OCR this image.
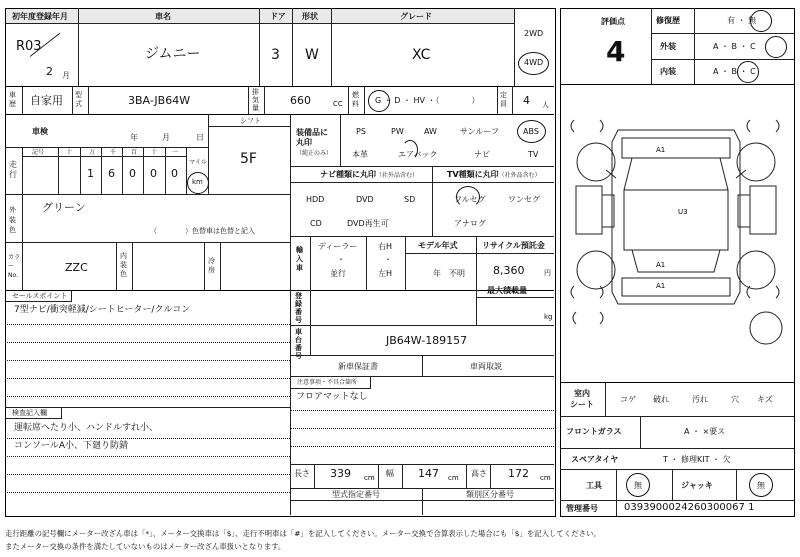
初年度登録年月	車名	ドア 形状	グレード
R03
2 月
ジムニー	3 W	XC
2WD
4WD
車
歴 自家用 型
式	3BA-JB64W
排
気
量
660	CC
燃
料 G ・ D ・ HV ・（　　　　）
定
員 4 人
車検
年	月	日
シフト
5F
走
行
記号	十	万 千 百 十 一
1 6 0 0 0
マイル
km
外
装
色
グリーン
（　　　　）色替車は色替と記入
カラー
No.
ZZC
内
装
色
冷
房
装備品に
丸印
（純正のみ）
PS	PW	AW	サンルーフ	ABS
本革	エアバック	ナビ	TV
ナビ種類に丸印（社外品含む）	TV種類に丸印（社外品含む）
HDD	DVD	SD
CD	DVD再生可
フルセグ	ワンセグ
アナログ
輸
入
車
ディーラー
・
並行
右H
・
左H
モデル年式
年　不明
リサイクル預託金
8,360	円
セールスポイント
7型ナビ/衝突軽減/シートヒーター/クルコン
登
録
番
号
最大積載量
kg
車
台
番
号
JB64W-189157
新車保証書	車両取説
注意事項・不具合箇所
フロアマットなし
検査記入欄
運転席へたり小、ハンドルすれ小、
コンソールA小、下廻り防錆
長さ 339 cm 幅 147 cm 高さ 172 cm
型式指定番号	類別区分番号
評価点
4
修復歴	有 ・ 無
外装	A ・ B ・ C
内装	A ・ B ・ C
A1
A1
A1
U3
室内
シート
コゲ 破れ	汚れ	穴 キズ
フロントガラス	A ・ ×要ス
スペアタイヤ	T ・ 修理KIT ・ 欠
工具	無	ジャッキ	無
管理番号	0393900024260300067 1
走行距離の記号欄にメーター改ざん車は「*」、メーター交換車は「$」、走行不明車は「#」を記入してください。メーター交換で合算表示した場合にも「$」を記入してください。
またメーター交換の条件を満たしていないものはメーター改ざん車扱いとなります。
